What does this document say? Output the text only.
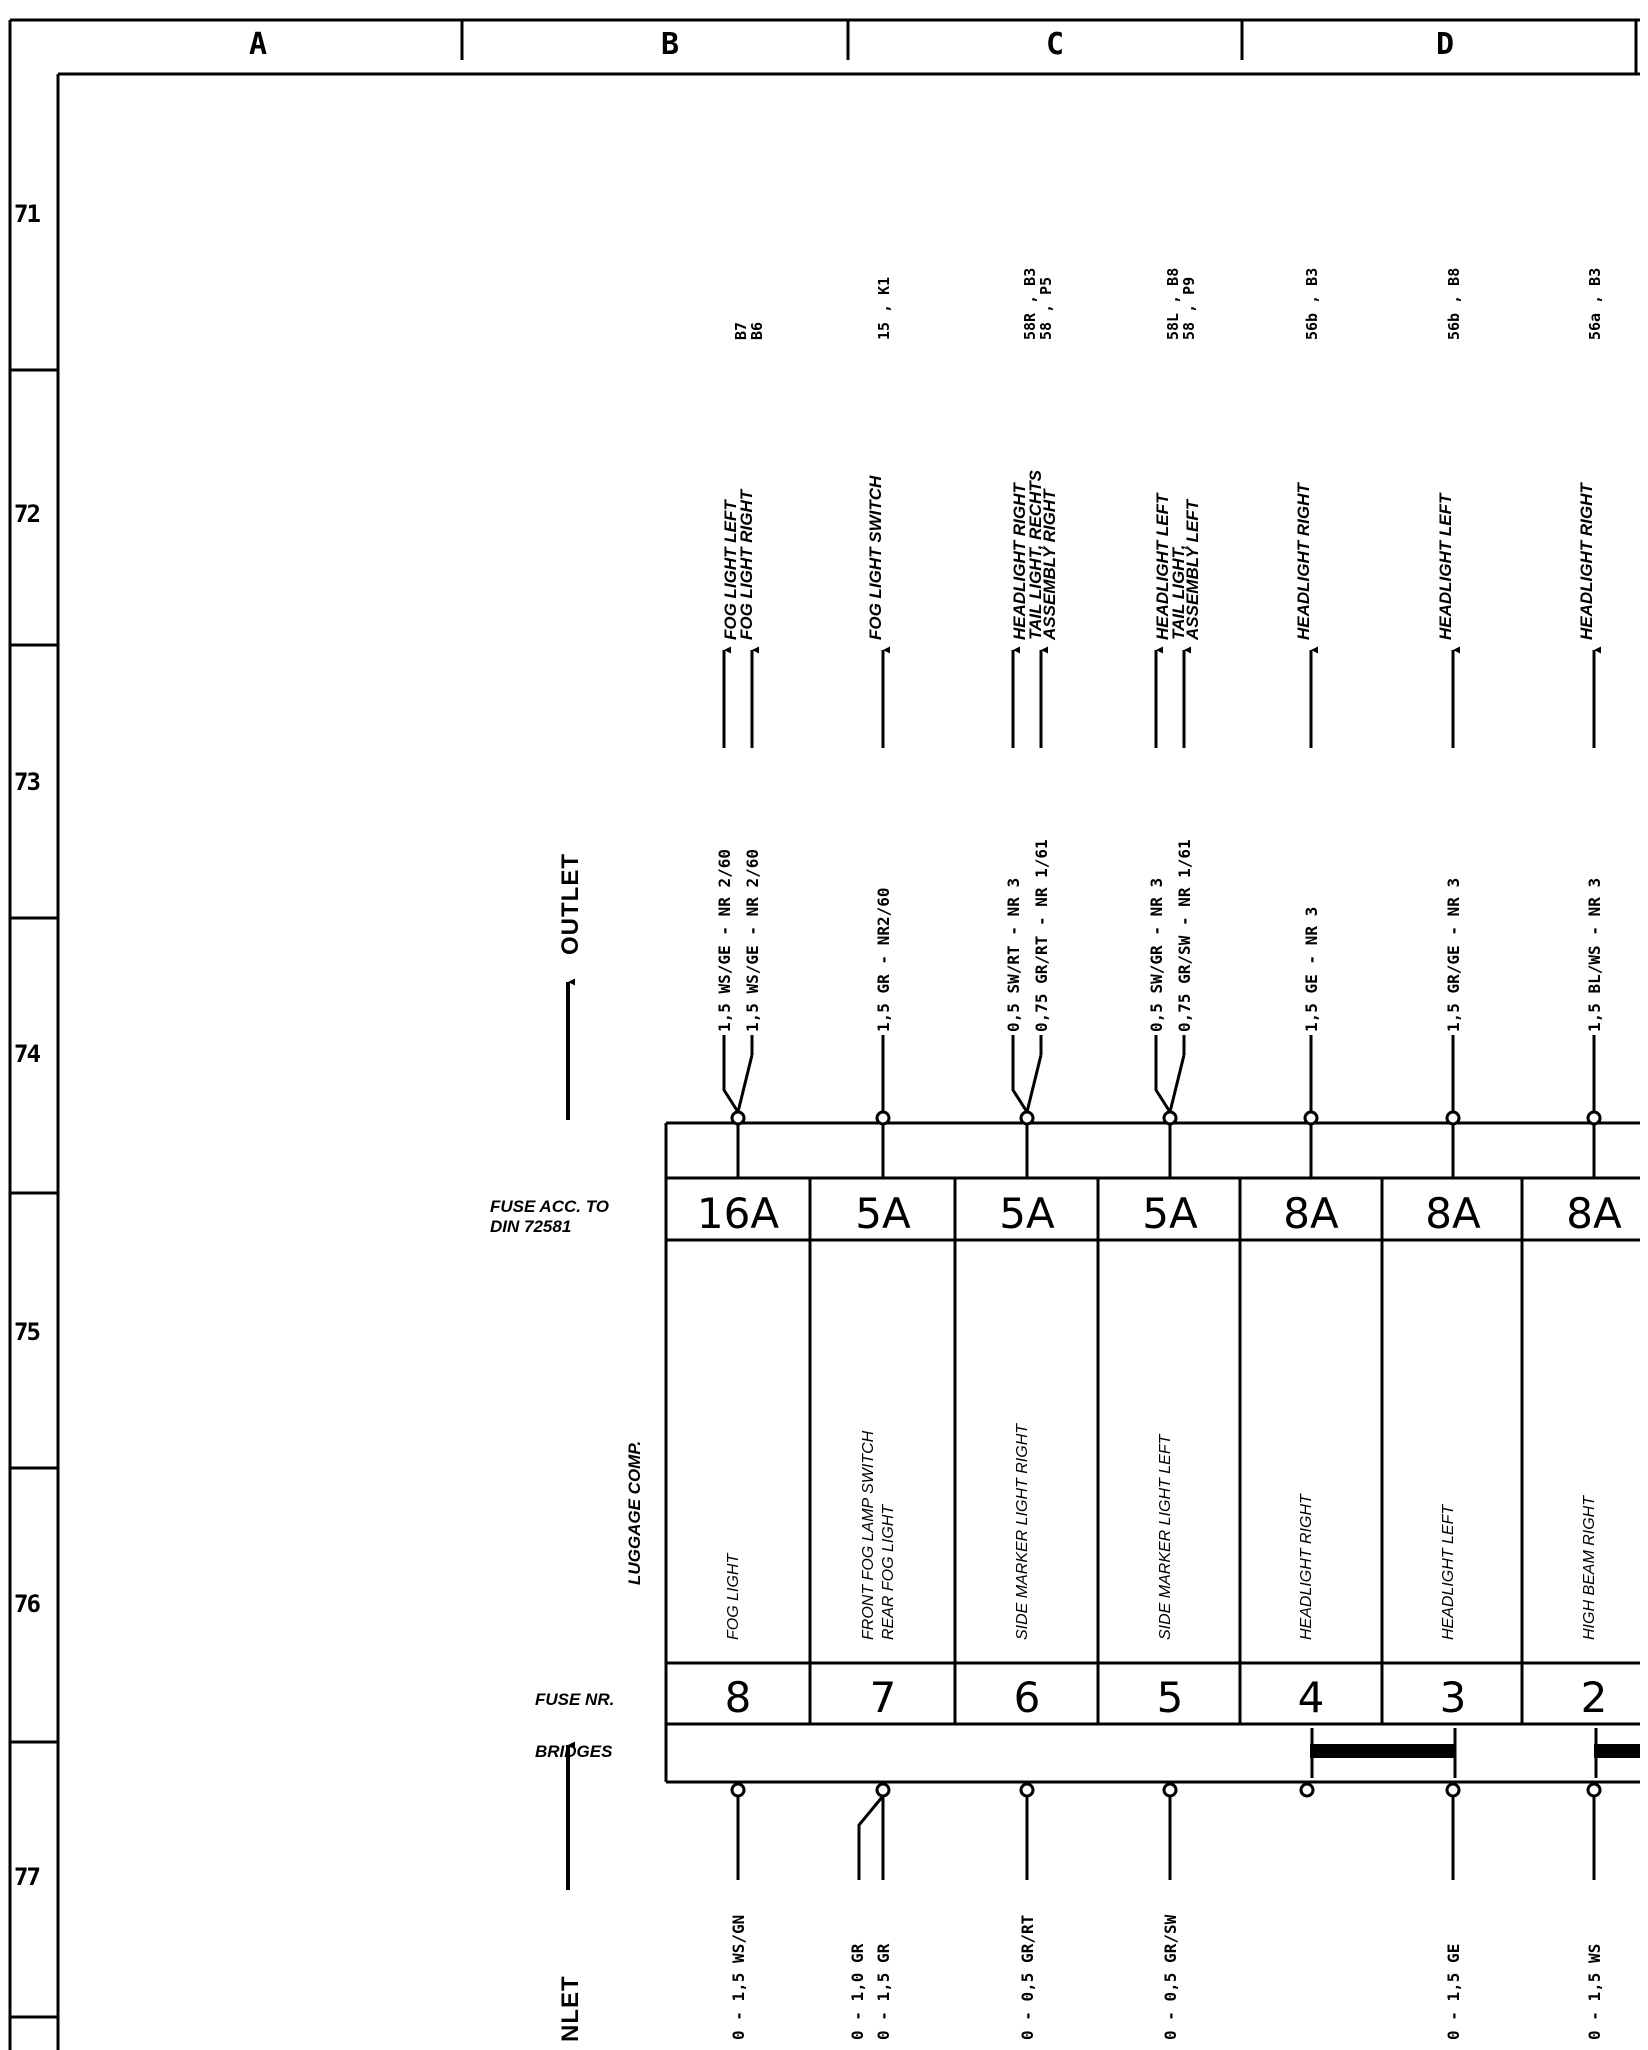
A	B	C	D
71
72
73
74
75
76
77
OUTLET
NLET
FUSE ACC. TO
DIN 72581
LUGGAGE COMP.
FUSE NR.
BRIDGES
1,5 WS/GE - NR 2/60 1,5 WS/GE - NR 2/60
FOG LIGHT LEFT
FOG LIGHT RIGHT
B7
B6
16A
8
FOG LIGHT
0 - 1,5 WS/GN
1,5 GR - NR2/60
FOG LIGHT SWITCH
15 , K1
5A
7
FRONT FOG LAMP SWITCH REAR FOG LIGHT
0 - 1,0 GR 0 - 1,5 GR
0,5 SW/RT - NR 3 0,75 GR/RT - NR 1/61
HEADLIGHT RIGHT
TAIL LIGHT, RECHTS
ASSEMBLY RIGHT
58R , B3
58 , P5
5A
6
SIDE MARKER LIGHT RIGHT
0 - 0,5 GR/RT
0,5 SW/GR - NR 3 0,75 GR/SW - NR 1/61
HEADLIGHT LEFT
TAIL LIGHT,
ASSEMBLY LEFT
58L , B8
58 , P9
5A
5
SIDE MARKER LIGHT LEFT
0 - 0,5 GR/SW
1,5 GE - NR 3
HEADLIGHT RIGHT
56b , B3
8A
4
HEADLIGHT RIGHT
1,5 GR/GE - NR 3
HEADLIGHT LEFT
56b , B8
8A
3
HEADLIGHT LEFT
0 - 1,5 GE
1,5 BL/WS - NR 3
HEADLIGHT RIGHT
56a , B3
8A
2
HIGH BEAM RIGHT
0 - 1,5 WS
